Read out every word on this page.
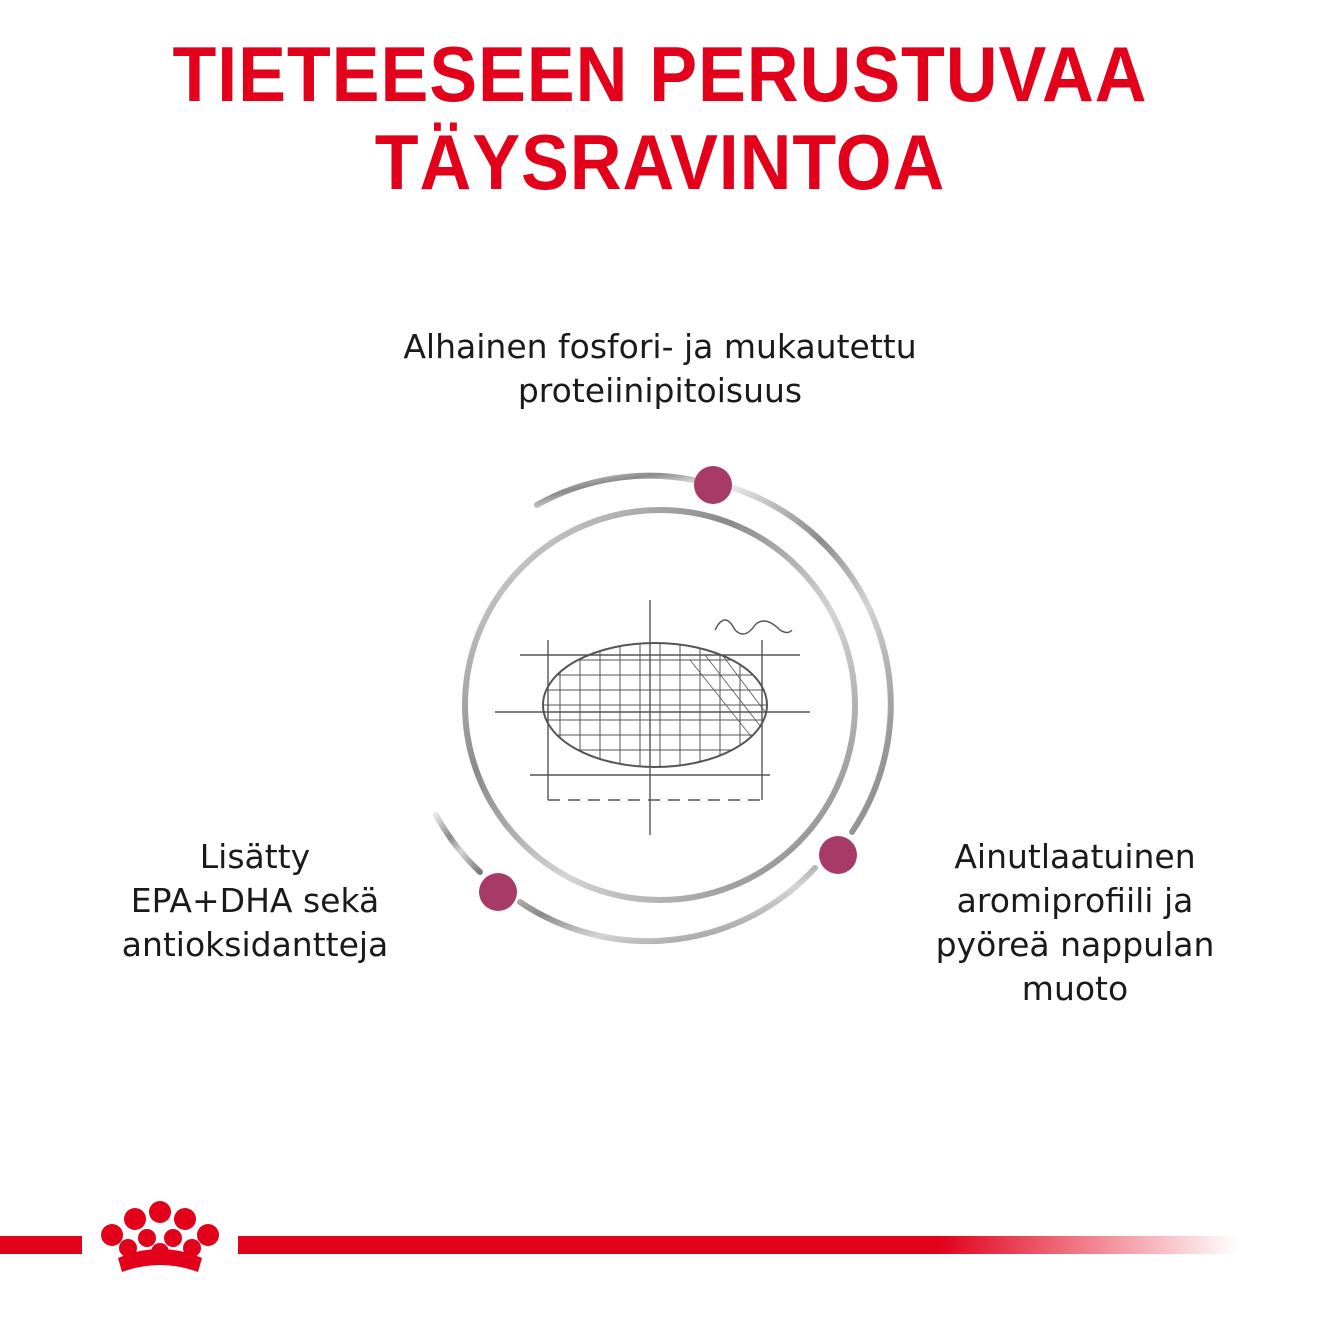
TIETEESEEN PERUSTUVAA
TÄYSRAVINTOA
Alhainen fosfori- ja mukautettu
proteiinipitoisuus
Lisätty
EPA+DHA sekä
antioksidantteja
Ainutlaatuinen
aromiprofiili ja
pyöreä nappulan
muoto
